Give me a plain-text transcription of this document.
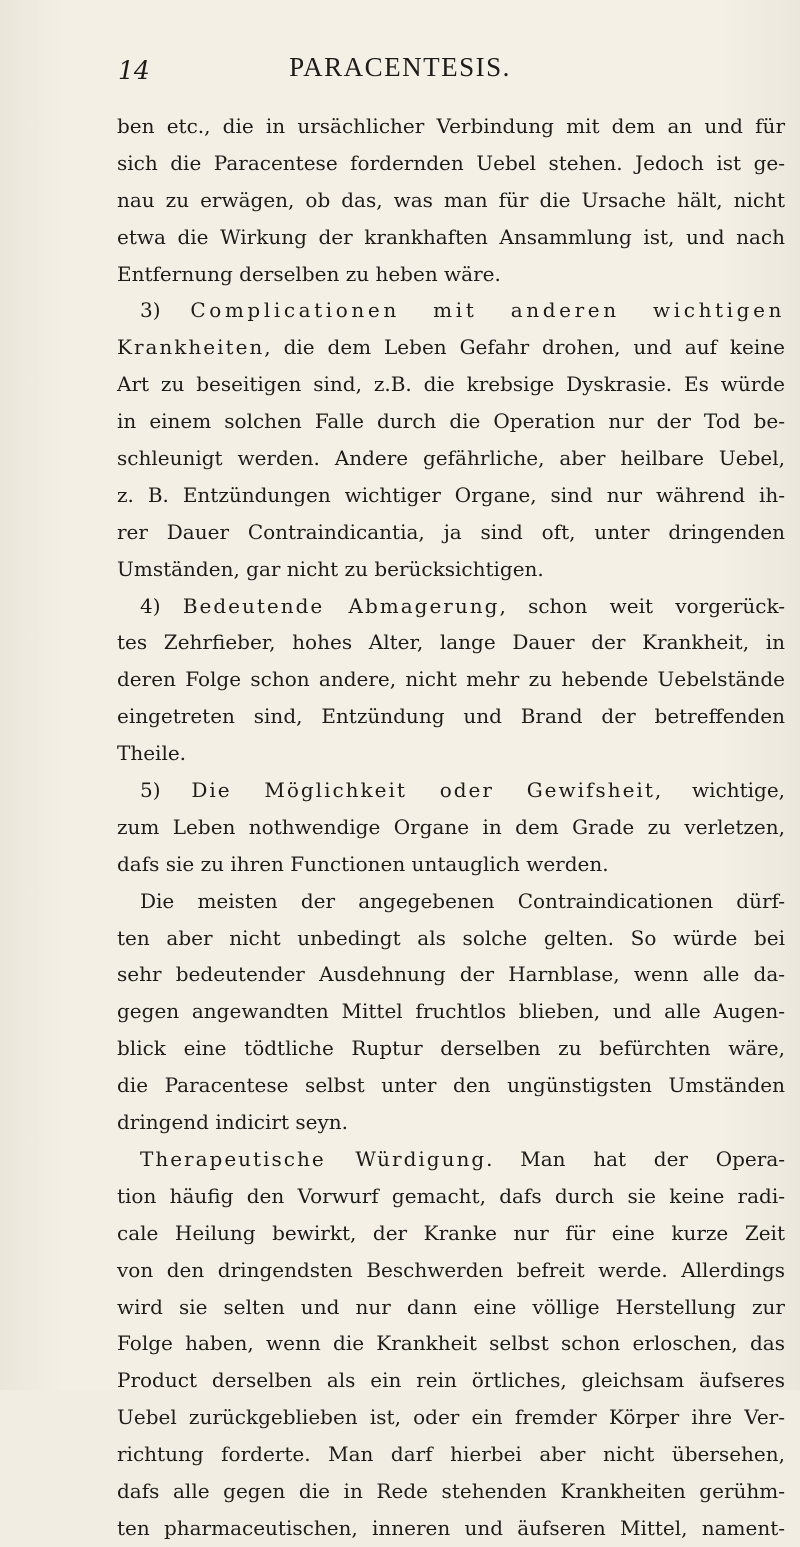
14	PARACENTESIS.
ben etc., die in ursächlicher Verbindung mit dem an und für
sich die Paracentese fordernden Uebel stehen. Jedoch ist ge-
nau zu erwägen, ob das, was man für die Ursache hält, nicht
etwa die Wirkung der krankhaften Ansammlung ist, und nach
Entfernung derselben zu heben wäre.
3) Complicationen mit anderen wichtigen
Krankheiten, die dem Leben Gefahr drohen, und auf keine
Art zu beseitigen sind, z.B. die krebsige Dyskrasie. Es würde
in einem solchen Falle durch die Operation nur der Tod be-
schleunigt werden. Andere gefährliche, aber heilbare Uebel,
z. B. Entzündungen wichtiger Organe, sind nur während ih-
rer Dauer Contraindicantia, ja sind oft, unter dringenden
Umständen, gar nicht zu berücksichtigen.
4) Bedeutende Abmagerung, schon weit vorgerück-
tes Zehrfieber, hohes Alter, lange Dauer der Krankheit, in
deren Folge schon andere, nicht mehr zu hebende Uebelstände
eingetreten sind, Entzündung und Brand der betreffenden
Theile.
5) Die Möglichkeit oder Gewifsheit, wichtige,
zum Leben nothwendige Organe in dem Grade zu verletzen,
dafs sie zu ihren Functionen untauglich werden.
Die meisten der angegebenen Contraindicationen dürf-
ten aber nicht unbedingt als solche gelten. So würde bei
sehr bedeutender Ausdehnung der Harnblase, wenn alle da-
gegen angewandten Mittel fruchtlos blieben, und alle Augen-
blick eine tödtliche Ruptur derselben zu befürchten wäre,
die Paracentese selbst unter den ungünstigsten Umständen
dringend indicirt seyn.
Therapeutische Würdigung. Man hat der Opera-
tion häufig den Vorwurf gemacht, dafs durch sie keine radi-
cale Heilung bewirkt, der Kranke nur für eine kurze Zeit
von den dringendsten Beschwerden befreit werde. Allerdings
wird sie selten und nur dann eine völlige Herstellung zur
Folge haben, wenn die Krankheit selbst schon erloschen, das
Product derselben als ein rein örtliches, gleichsam äufseres
Uebel zurückgeblieben ist, oder ein fremder Körper ihre Ver-
richtung forderte. Man darf hierbei aber nicht übersehen,
dafs alle gegen die in Rede stehenden Krankheiten gerühm-
ten pharmaceutischen, inneren und äufseren Mittel, nament-
